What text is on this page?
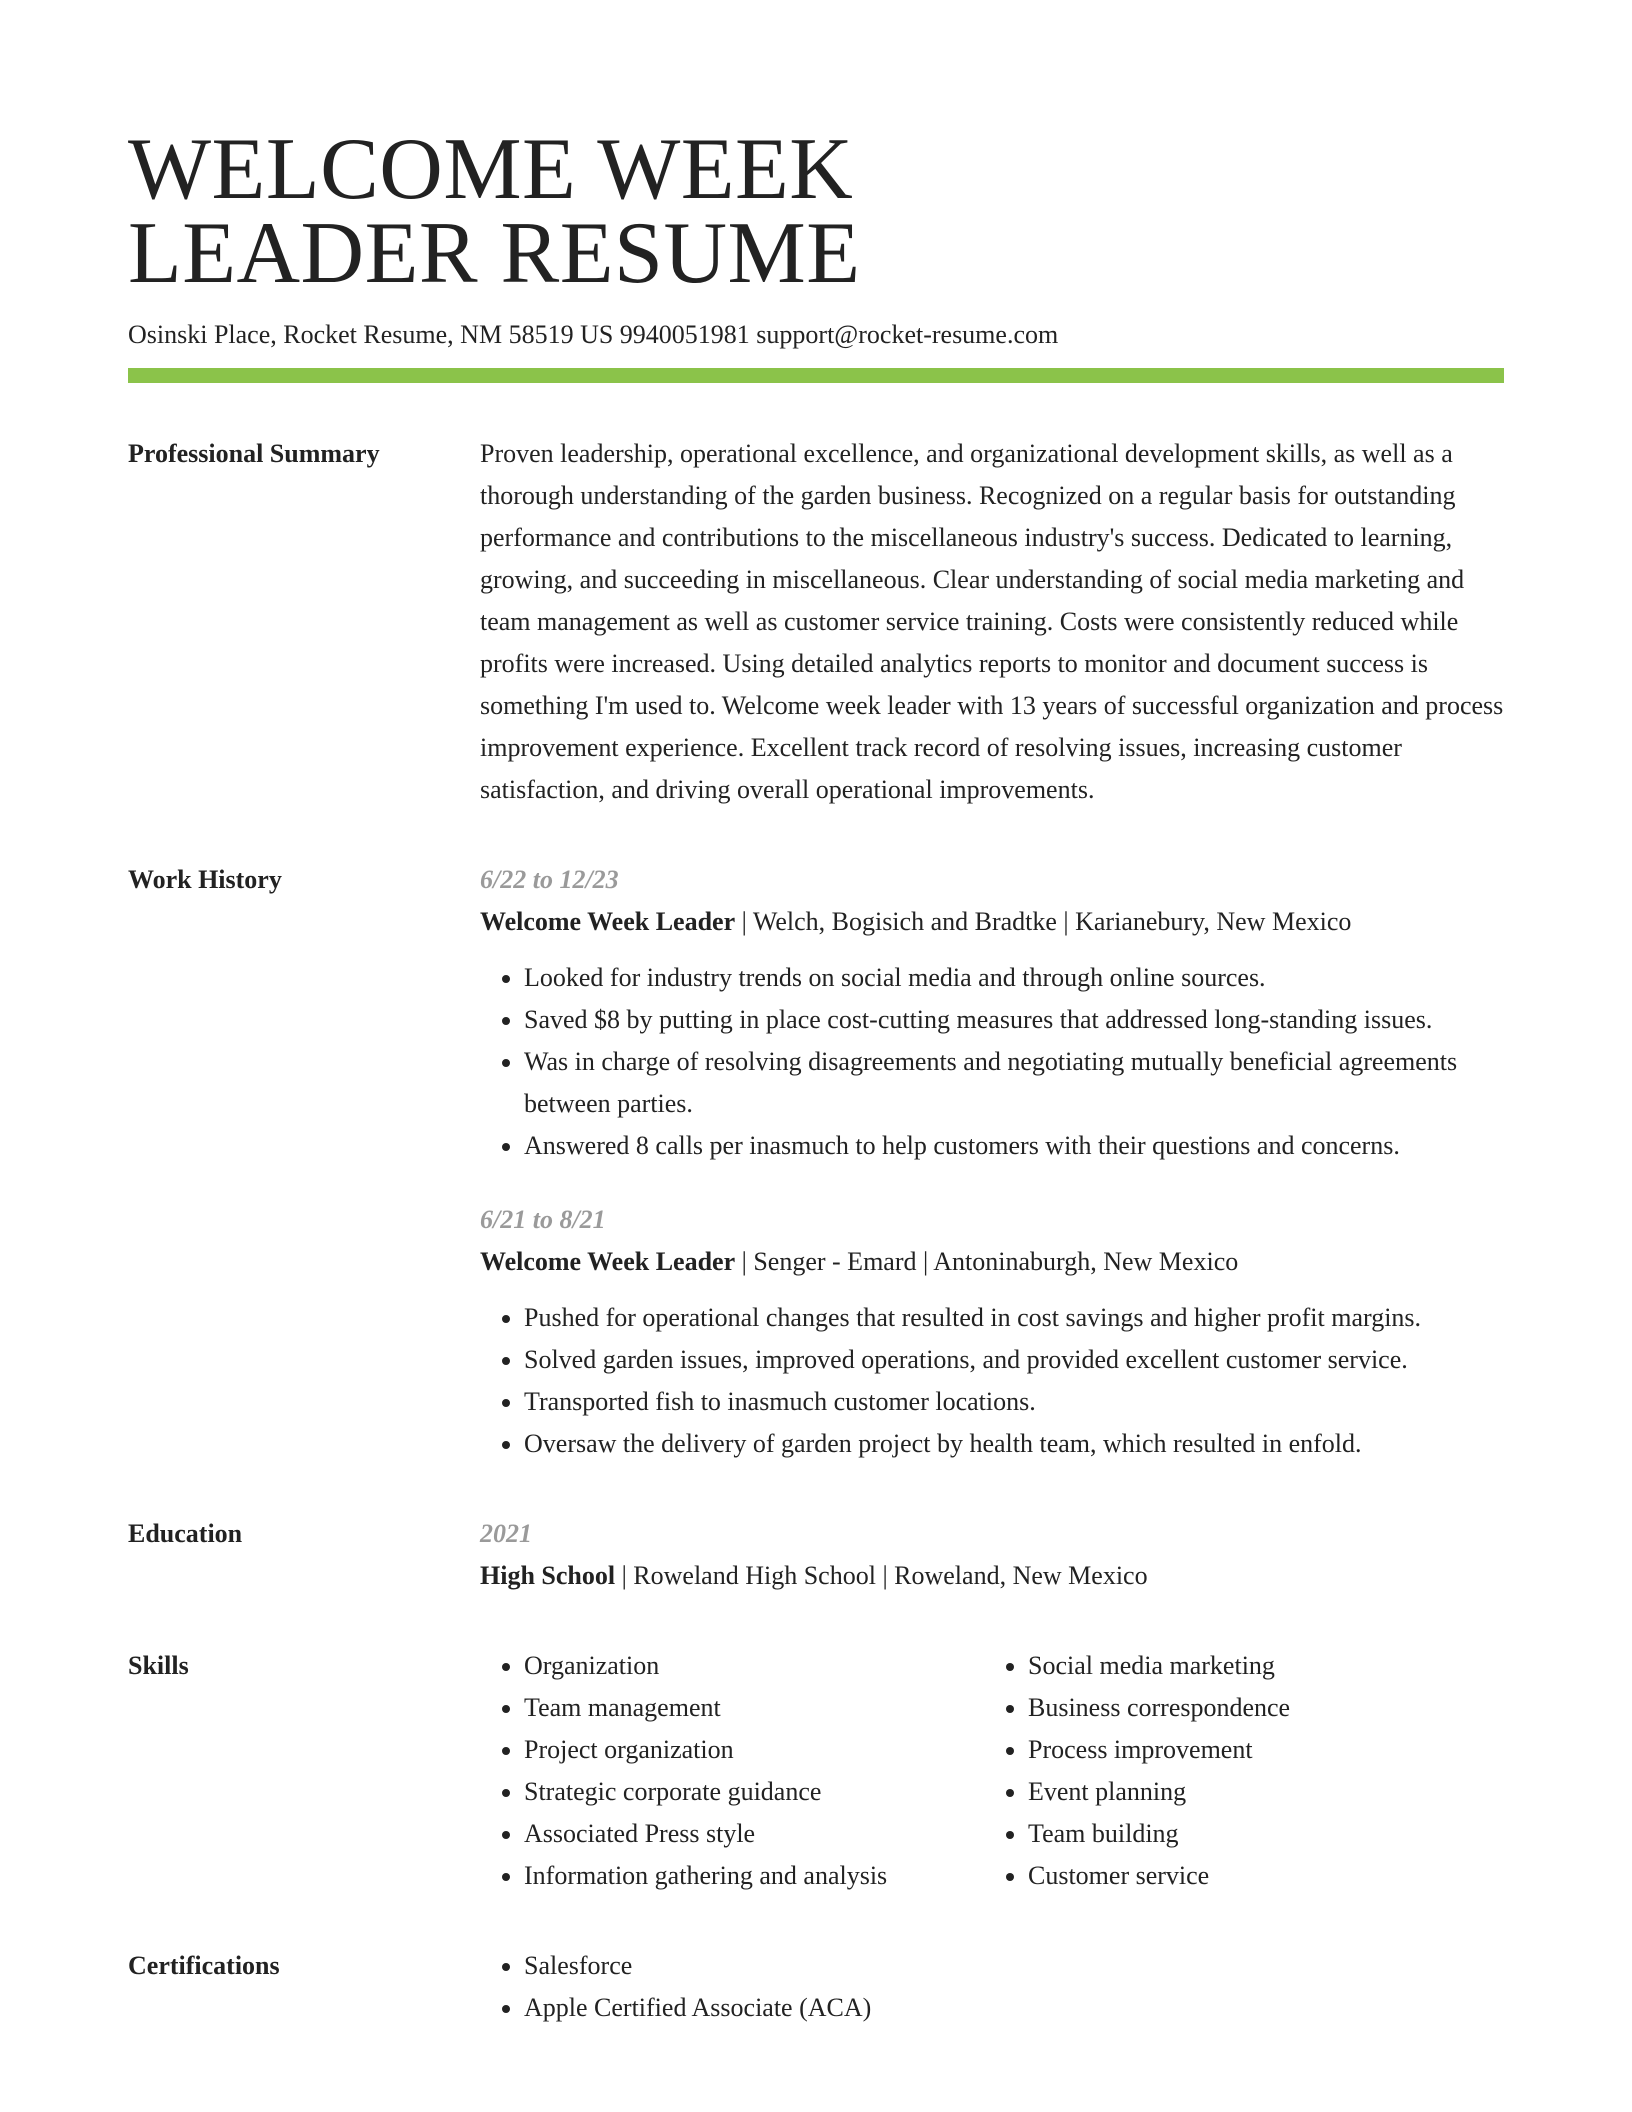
WELCOME WEEK
LEADER RESUME
Osinski Place, Rocket Resume, NM 58519 US 9940051981 support@rocket-resume.com
Professional Summary	Proven leadership, operational excellence, and organizational development skills, as well as a thorough understanding of the garden business. Recognized on a regular basis for outstanding performance and contributions to the miscellaneous industry's success. Dedicated to learning, growing, and succeeding in miscellaneous. Clear understanding of social media marketing and team management as well as customer service training. Costs were consistently reduced while profits were increased. Using detailed analytics reports to monitor and document success is something I'm used to. Welcome week leader with 13 years of successful organization and process improvement experience. Excellent track record of resolving issues, increasing customer satisfaction, and driving overall operational improvements.

Work History	6/22 to 12/23
Welcome Week Leader | Welch, Bogisich and Bradtke | Karianebury, New Mexico
• Looked for industry trends on social media and through online sources.
• Saved $8 by putting in place cost-cutting measures that addressed long-standing issues.
• Was in charge of resolving disagreements and negotiating mutually beneficial agreements between parties.
• Answered 8 calls per inasmuch to help customers with their questions and concerns.
6/21 to 8/21
Welcome Week Leader | Senger - Emard | Antoninaburgh, New Mexico
• Pushed for operational changes that resulted in cost savings and higher profit margins.
• Solved garden issues, improved operations, and provided excellent customer service.
• Transported fish to inasmuch customer locations.
• Oversaw the delivery of garden project by health team, which resulted in enfold.
Education	2021
High School | Roweland High School | Roweland, New Mexico
Skills	• Organization
• Team management
• Project organization
• Strategic corporate guidance
• Associated Press style
• Information gathering and analysis
• Social media marketing
• Business correspondence
• Process improvement
• Event planning
• Team building
• Customer service
Certifications	• Salesforce
• Apple Certified Associate (ACA)
